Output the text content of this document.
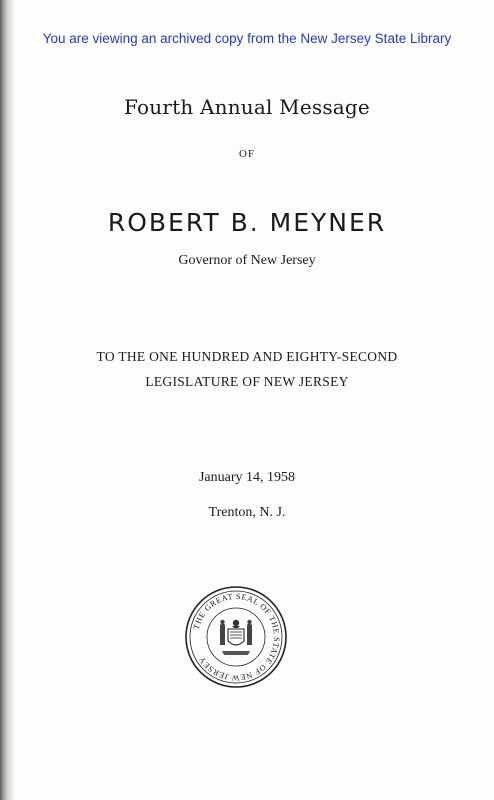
You are viewing an archived copy from the New Jersey State Library
Fourth Annual Message
OF
ROBERT B. MEYNER
Governor of New Jersey
TO THE ONE HUNDRED AND EIGHTY-SECOND
LEGISLATURE OF NEW JERSEY
January 14, 1958
Trenton, N. J.
THE GREAT SEAL OF THE STATE OF NEW JERSEY
